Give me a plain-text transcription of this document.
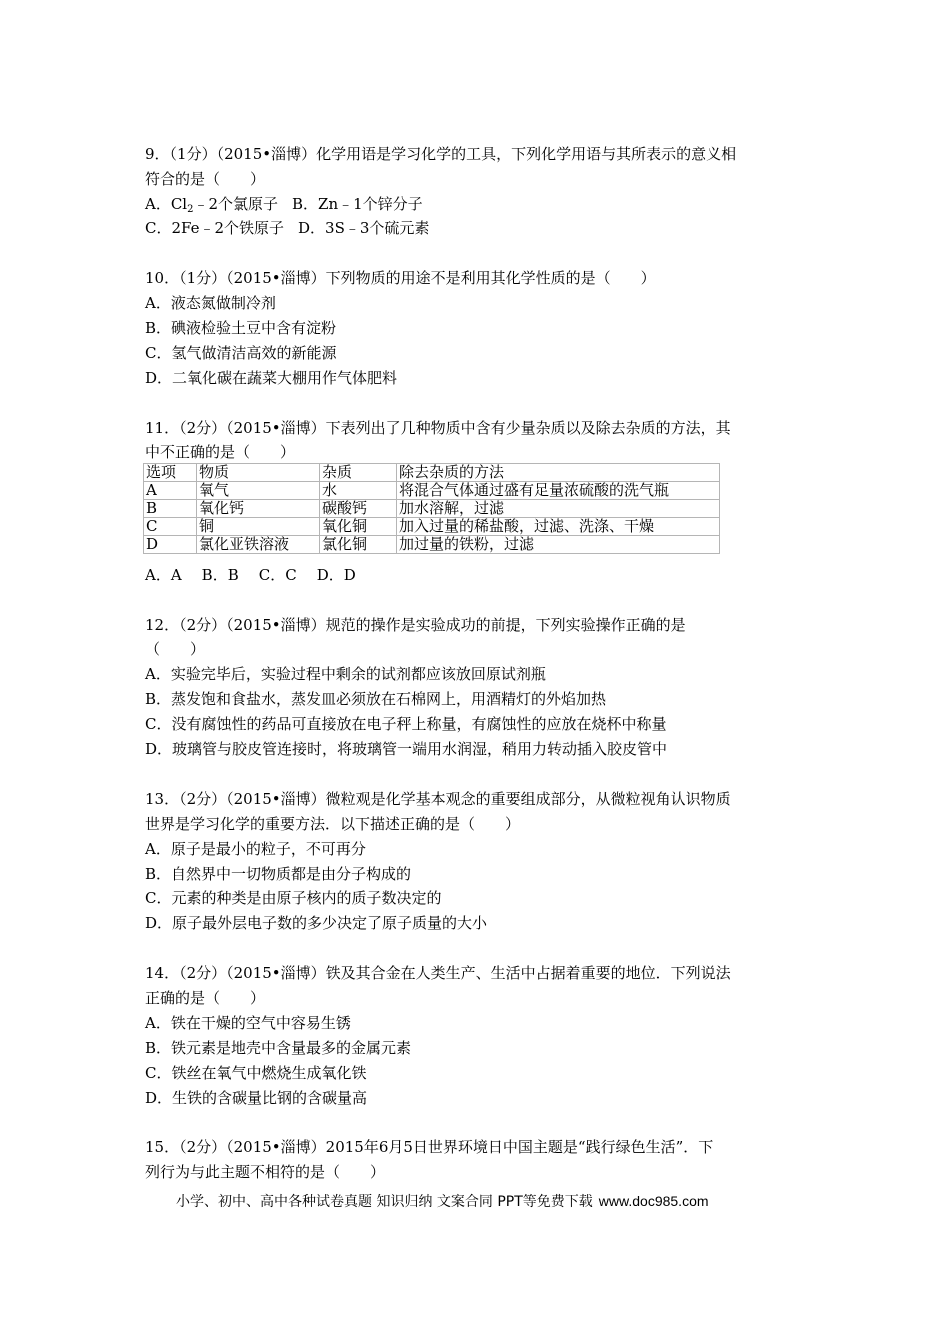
9．（1分）（2015•淄博）化学用语是学习化学的工具，下列化学用语与其所表示的意义相
符合的是（　　）
A．$Cl_2﹣2$个氯原子 B．Zn﹣1个锌分子
C．2Fe﹣2个铁原子 D．3S﹣3个硫元素
10．（1分）（2015•淄博）下列物质的用途不是利用其化学性质的是（　　）
A．液态氮做制冷剂
B．碘液检验土豆中含有淀粉
C．氢气做清洁高效的新能源
D．二氧化碳在蔬菜大棚用作气体肥料
11．（2分）（2015•淄博）下表列出了几种物质中含有少量杂质以及除去杂质的方法，其
中不正确的是（　　）
选项	物质	杂质	除去杂质的方法
A	氧气	水	将混合气体通过盛有足量浓硫酸的洗气瓶
B	氧化钙	碳酸钙	加水溶解，过滤
C	铜	氧化铜	加入过量的稀盐酸，过滤、洗涤、干燥
D	氯化亚铁溶液	氯化铜	加过量的铁粉，过滤
A．A B．B C．C D．D
12．（2分）（2015•淄博）规范的操作是实验成功的前提，下列实验操作正确的是
（　　）
A．实验完毕后，实验过程中剩余的试剂都应该放回原试剂瓶
B．蒸发饱和食盐水，蒸发皿必须放在石棉网上，用酒精灯的外焰加热
C．没有腐蚀性的药品可直接放在电子秤上称量，有腐蚀性的应放在烧杯中称量
D．玻璃管与胶皮管连接时，将玻璃管一端用水润湿，稍用力转动插入胶皮管中
13．（2分）（2015•淄博）微粒观是化学基本观念的重要组成部分，从微粒视角认识物质
世界是学习化学的重要方法．以下描述正确的是（　　）
A．原子是最小的粒子，不可再分
B．自然界中一切物质都是由分子构成的
C．元素的种类是由原子核内的质子数决定的
D．原子最外层电子数的多少决定了原子质量的大小
14．（2分）（2015•淄博）铁及其合金在人类生产、生活中占据着重要的地位．下列说法
正确的是（　　）
A．铁在干燥的空气中容易生锈
B．铁元素是地壳中含量最多的金属元素
C．铁丝在氧气中燃烧生成氧化铁
D．生铁的含碳量比钢的含碳量高
15．（2分）（2015•淄博）2015年6月5日世界环境日中国主题是“践行绿色生活”．下
列行为与此主题不相符的是（　　）
小学、初中、高中各种试卷真题 知识归纳 文案合同 PPT等免费下载 www.doc985.com
